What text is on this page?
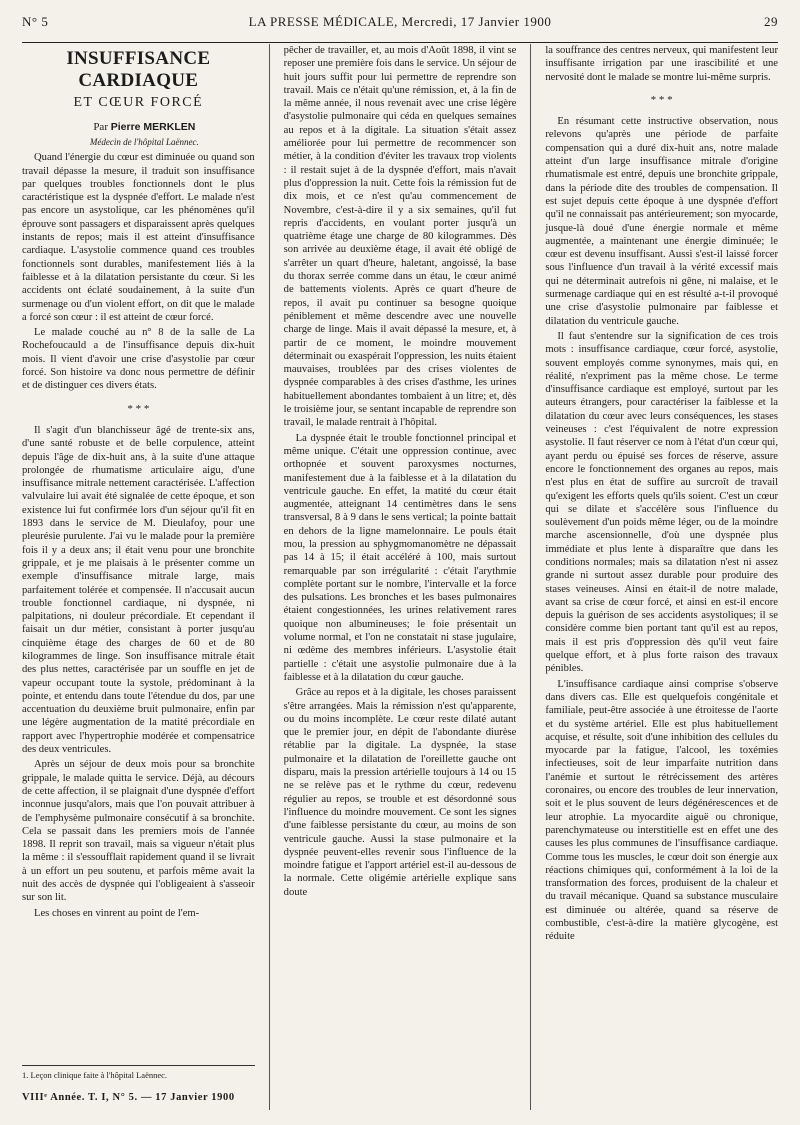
N° 5	LA PRESSE MÉDICALE, Mercredi, 17 Janvier 1900	29
INSUFFISANCE CARDIAQUE
ET CŒUR FORCÉ

Par Pierre MERKLEN

Médecin de l'hôpital Laënnec.

Quand l'énergie du cœur est diminuée ou quand son travail dépasse la mesure, il traduit son insuffisance par quelques troubles fonctionnels dont le plus caractéristique est la dyspnée d'effort. Le malade n'est pas encore un asystolique, car les phénomènes qu'il éprouve sont passagers et disparaissent après quelques instants de repos; mais il est atteint d'insuffisance cardiaque. L'asystolie commence quand ces troubles fonctionnels sont durables, manifestement liés à la faiblesse et à la dilatation persistante du cœur. Si les accidents ont éclaté soudainement, à la suite d'un surmenage ou d'un violent effort, on dit que le malade a forcé son cœur : il est atteint de cœur forcé.

Le malade couché au n° 8 de la salle de La Rochefoucauld a de l'insuffisance depuis dix-huit mois. Il vient d'avoir une crise d'asystolie par cœur forcé. Son histoire va donc nous permettre de définir et de distinguer ces divers états.

* * *

Il s'agit d'un blanchisseur âgé de trente-six ans, d'une santé robuste et de belle corpulence, atteint depuis l'âge de dix-huit ans, à la suite d'une attaque prolongée de rhumatisme articulaire aigu, d'une insuffisance mitrale nettement caractérisée. L'affection valvulaire lui avait été signalée de cette époque, et son existence lui fut confirmée lors d'un séjour qu'il fit en 1893 dans le service de M. Dieulafoy, pour une pleurésie purulente. J'ai vu le malade pour la première fois il y a deux ans; il était venu pour une bronchite grippale, et je me plaisais à le présenter comme un exemple d'insuffisance mitrale large, mais parfaitement tolérée et compensée. Il n'accusait aucun trouble fonctionnel cardiaque, ni dyspnée, ni palpitations, ni douleur précordiale. Et cependant il faisait un dur métier, consistant à porter jusqu'au cinquième étage des charges de 60 et de 80 kilogrammes de linge. Son insuffisance mitrale était des plus nettes, caractérisée par un souffle en jet de vapeur occupant toute la systole, prédominant à la pointe, et entendu dans toute l'étendue du dos, par une accentuation du deuxième bruit pulmonaire, enfin par une légère augmentation de la matité précordiale en rapport avec l'hypertrophie modérée et compensatrice des deux ventricules.

Après un séjour de deux mois pour sa bronchite grippale, le malade quitta le service. Déjà, au décours de cette affection, il se plaignait d'une dyspnée d'effort inconnue jusqu'alors, mais que l'on pouvait attribuer à de l'emphysème pulmonaire consécutif à sa bronchite. Cela se passait dans les premiers mois de l'année 1898. Il reprit son travail, mais sa vigueur n'était plus la même : il s'essoufflait rapidement quand il se livrait à un effort un peu soutenu, et parfois même avait la nuit des accès de dyspnée qui l'obligeaient à s'asseoir sur son lit.

Les choses en vinrent au point de l'em-

1. Leçon clinique faite à l'hôpital Laënnec.
VIIIᵉ Année. T. I, N° 5. — 17 Janvier 1900

pêcher de travailler, et, au mois d'Août 1898, il vint se reposer une première fois dans le service. Un séjour de huit jours suffit pour lui permettre de reprendre son travail. Mais ce n'était qu'une rémission, et, à la fin de la même année, il nous revenait avec une crise légère d'asystolie pulmonaire qui céda en quelques semaines au repos et à la digitale. La situation s'était assez améliorée pour lui permettre de recommencer son métier, à la condition d'éviter les travaux trop violents : il restait sujet à de la dyspnée d'effort, mais n'avait plus d'oppression la nuit. Cette fois la rémission fut de dix mois, et ce n'est qu'au commencement de Novembre, c'est-à-dire il y a six semaines, qu'il fut repris d'accidents, en voulant porter jusqu'à un quatrième étage une charge de 80 kilogrammes. Dès son arrivée au deuxième étage, il avait été obligé de s'arrêter un quart d'heure, haletant, angoissé, la base du thorax serrée comme dans un étau, le cœur animé de battements violents. Après ce quart d'heure de repos, il avait pu continuer sa besogne quoique péniblement et même descendre avec une nouvelle charge de linge. Mais il avait dépassé la mesure, et, à partir de ce moment, le moindre mouvement déterminait ou exaspérait l'oppression, les nuits étaient mauvaises, troublées par des crises violentes de dyspnée comparables à des crises d'asthme, les urines habituellement abondantes tombaient à un litre; et, dès le troisième jour, se sentant incapable de reprendre son travail, le malade rentrait à l'hôpital.

La dyspnée était le trouble fonctionnel principal et même unique. C'était une oppression continue, avec orthopnée et souvent paroxysmes nocturnes, manifestement due à la faiblesse et à la dilatation du ventricule gauche. En effet, la matité du cœur était augmentée, atteignant 14 centimètres dans le sens transversal, 8 à 9 dans le sens vertical; la pointe battait en dehors de la ligne mamelonnaire. Le pouls était mou, la pression au sphygmomanomètre ne dépassait pas 14 à 15; il était accéléré à 100, mais surtout remarquable par son irrégularité : c'était l'arythmie complète portant sur le nombre, l'intervalle et la force des pulsations. Les bronches et les bases pulmonaires étaient congestionnées, les urines relativement rares quoique non albumineuses; le foie présentait un volume normal, et l'on ne constatait ni stase jugulaire, ni œdème des membres inférieurs. L'asystolie était partielle : c'était une asystolie pulmonaire due à la faiblesse et à la dilatation du cœur gauche.

Grâce au repos et à la digitale, les choses paraissent s'être arrangées. Mais la rémission n'est qu'apparente, ou du moins incomplète. Le cœur reste dilaté autant que le premier jour, en dépit de l'abondante diurèse rétablie par la digitale. La dyspnée, la stase pulmonaire et la dilatation de l'oreillette gauche ont disparu, mais la pression artérielle toujours à 14 ou 15 ne se relève pas et le rythme du cœur, redevenu régulier au repos, se trouble et est désordonné sous l'influence du moindre mouvement. Ce sont les signes d'une faiblesse persistante du cœur, au moins de son ventricule gauche. Aussi la stase pulmonaire et la dyspnée peuvent-elles revenir sous l'influence de la moindre fatigue et l'apport artériel est-il au-dessous de la normale. Cette oligémie artérielle explique sans doute

la souffrance des centres nerveux, qui manifestent leur insuffisante irrigation par une irascibilité et une nervosité dont le malade se montre lui-même surpris.

* * *

En résumant cette instructive observation, nous relevons qu'après une période de parfaite compensation qui a duré dix-huit ans, notre malade atteint d'un large insuffisance mitrale d'origine rhumatismale est entré, depuis une bronchite grippale, dans la période dite des troubles de compensation. Il est sujet depuis cette époque à une dyspnée d'effort qu'il ne connaissait pas antérieurement; son myocarde, jusque-là doué d'une énergie normale et même augmentée, a maintenant une énergie diminuée; le cœur est devenu insuffisant. Aussi s'est-il laissé forcer sous l'influence d'un travail à la vérité excessif mais qui ne déterminait autrefois ni gêne, ni malaise, et le surmenage cardiaque qui en est résulté a-t-il provoqué une crise d'asystolie pulmonaire par faiblesse et dilatation du ventricule gauche.

Il faut s'entendre sur la signification de ces trois mots : insuffisance cardiaque, cœur forcé, asystolie, souvent employés comme synonymes, mais qui, en réalité, n'expriment pas la même chose. Le terme d'insuffisance cardiaque est employé, surtout par les auteurs étrangers, pour caractériser la faiblesse et la dilatation du cœur avec leurs conséquences, les stases veineuses : c'est l'équivalent de notre expression asystolie. Il faut réserver ce nom à l'état d'un cœur qui, ayant perdu ou épuisé ses forces de réserve, assure encore le fonctionnement des organes au repos, mais n'est plus en état de suffire au surcroît de travail qu'exigent les efforts quels qu'ils soient. C'est un cœur qui se dilate et s'accélère sous l'influence du soulèvement d'un poids même léger, ou de la moindre marche ascensionnelle, d'où une dyspnée plus immédiate et plus lente à disparaître que dans les conditions normales; mais sa dilatation n'est ni assez grande ni surtout assez durable pour produire des stases veineuses. Ainsi en était-il de notre malade, avant sa crise de cœur forcé, et ainsi en est-il encore depuis la guérison de ses accidents asystoliques; il se considère comme bien portant tant qu'il est au repos, mais il est pris d'oppression dès qu'il veut faire quelque effort, et à plus forte raison des travaux pénibles.

L'insuffisance cardiaque ainsi comprise s'observe dans divers cas. Elle est quelquefois congénitale et familiale, peut-être associée à une étroitesse de l'aorte et du système artériel. Elle est plus habituellement acquise, et résulte, soit d'une inhibition des cellules du myocarde par la fatigue, l'alcool, les toxémies infectieuses, soit de leur imparfaite nutrition dans l'anémie et surtout le rétrécissement des artères coronaires, ou encore des troubles de leur innervation, soit et le plus souvent de leurs dégénérescences et de leur atrophie. La myocardite aiguë ou chronique, parenchymateuse ou interstitielle est en effet une des causes les plus communes de l'insuffisance cardiaque. Comme tous les muscles, le cœur doit son énergie aux réactions chimiques qui, conformément à la loi de la transformation des forces, produisent de la chaleur et du travail mécanique. Quand sa substance musculaire est diminuée ou altérée, quand sa réserve de combustible, c'est-à-dire la matière glycogène, est réduite
